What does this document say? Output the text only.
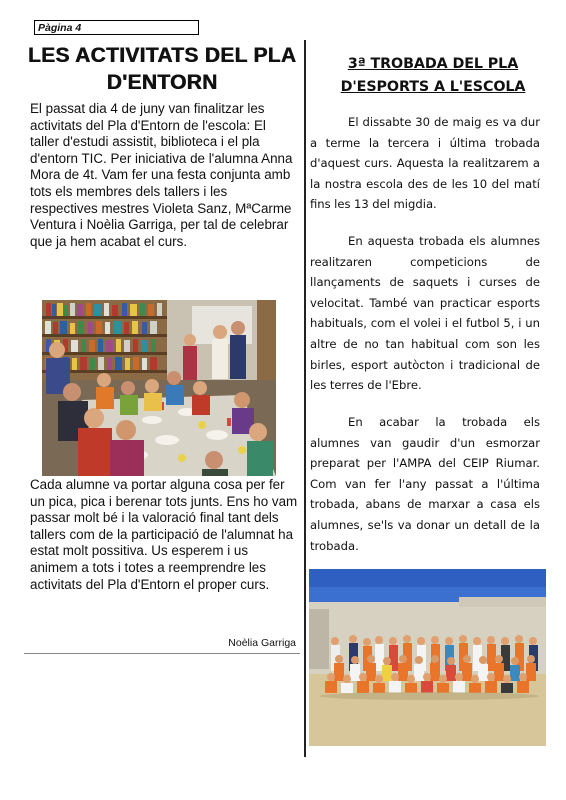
Pàgina 4
LES ACTIVITATS DEL PLA D'ENTORN

El passat dia 4 de juny van finalitzar les activitats del Pla d'Entorn de l'escola: El taller d'estudi assistit, biblioteca i el pla d'entorn TIC. Per iniciativa de l'alumna Anna Mora de 4t. Vam fer una festa conjunta amb tots els membres dels tallers i les respectives mestres Violeta Sanz, MªCarme Ventura i Noèlia Garriga, per tal de celebrar que ja hem acabat el curs.

Cada alumne va portar alguna cosa per fer un pica, pica i berenar tots junts. Ens ho vam passar molt bé i la valoració final tant dels tallers com de la participació de l'alumnat ha estat molt possitiva. Us esperem i us animem a tots i totes a reemprendre les activitats del Pla d'Entorn el proper curs.

Noèlia Garriga

3ª TROBADA DEL PLA D'ESPORTS A L'ESCOLA

El dissabte 30 de maig es va dur a terme la tercera i última trobada d'aquest curs. Aquesta la realitzarem a la nostra escola des de les 10 del matí fins les 13 del migdia.

En aquesta trobada els alumnes realitzaren competicions de llançaments de saquets i curses de velocitat. També van practicar esports habituals, com el volei i el futbol 5, i un altre de no tan habitual com son les birles, esport autòcton i tradicional de les terres de l'Ebre.

En acabar la trobada els alumnes van gaudir d'un esmorzar preparat per l'AMPA del CEIP Riumar. Com van fer l'any passat a l'última trobada, abans de marxar a casa els alumnes, se'ls va donar un detall de la trobada.
